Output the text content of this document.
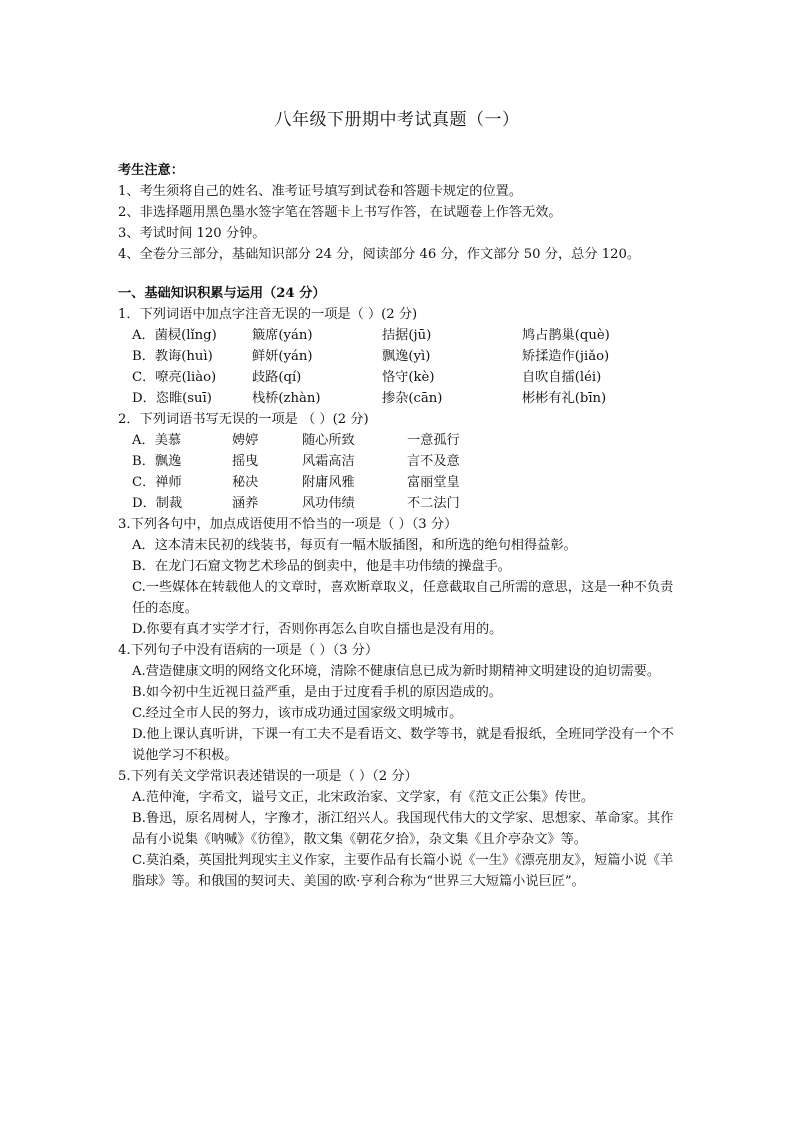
八年级下册期中考试真题（一）
考生注意：
1、考生须将自己的姓名、准考证号填写到试卷和答题卡规定的位置。
2、非选择题用黑色墨水签字笔在答题卡上书写作答，在试题卷上作答无效。
3、考试时间 120 分钟。
4、全卷分三部分，基础知识部分 24 分，阅读部分 46 分，作文部分 50 分，总分 120。
一、基础知识积累与运用（24 分）
1．下列词语中加点字注音无误的一项是（ ）(2 分)
A．菌棂(lǐng)	簸席(yán)	拮据(jū)	鸠占鹊巢(què)
B．教诲(huì)	鲜妍(yán)	飘逸(yì)	矫揉造作(jiǎo)
C．嘹亮(liào)	歧路(qí)	恪守(kè)	自吹自擂(léi)
D．恣睢(suī)	栈桥(zhàn)	掺杂(cān)	彬彬有礼(bīn)
2．下列词语书写无误的一项是 （ ）(2 分)
A．美慕	娉婷	随心所致	一意孤行
B．飘逸	摇曳	风霜高洁	言不及意
C．禅师	秘决	附庸风雅	富丽堂皇
D．制裁	涵养	风功伟绩	不二法门
3.下列各句中，加点成语使用不恰当的一项是（ ）（3 分）
A．这本清末民初的线装书，每页有一幅木版插图，和所选的绝句相得益彰。
B．在龙门石窟文物艺术珍品的倒卖中，他是丰功伟绩的操盘手。
C.一些媒体在转载他人的文章时，喜欢断章取义，任意截取自己所需的意思，这是一种不负责任的态度。
D.你要有真才实学才行，否则你再怎么自吹自擂也是没有用的。
4.下列句子中没有语病的一项是（ ）（3 分）
A.营造健康文明的网络文化环境，清除不健康信息已成为新时期精神文明建设的迫切需要。
B.如今初中生近视日益严重，是由于过度看手机的原因造成的。
C.经过全市人民的努力，该市成功通过国家级文明城市。
D.他上课认真听讲，下课一有工夫不是看语文、数学等书，就是看报纸，全班同学没有一个不说他学习不积极。
5.下列有关文学常识表述错误的一项是（ ）（2 分）
A.范仲淹，字希文，谥号文正，北宋政治家、文学家，有《范文正公集》传世。
B.鲁迅，原名周树人，字豫才，浙江绍兴人。我国现代伟大的文学家、思想家、革命家。其作品有小说集《呐喊》《彷徨》，散文集《朝花夕拾》，杂文集《且介亭杂文》等。
C.莫泊桑，英国批判现实主义作家，主要作品有长篇小说《一生》《漂亮朋友》，短篇小说《羊脂球》等。和俄国的契诃夫、美国的欧·亨利合称为“世界三大短篇小说巨匠”。
